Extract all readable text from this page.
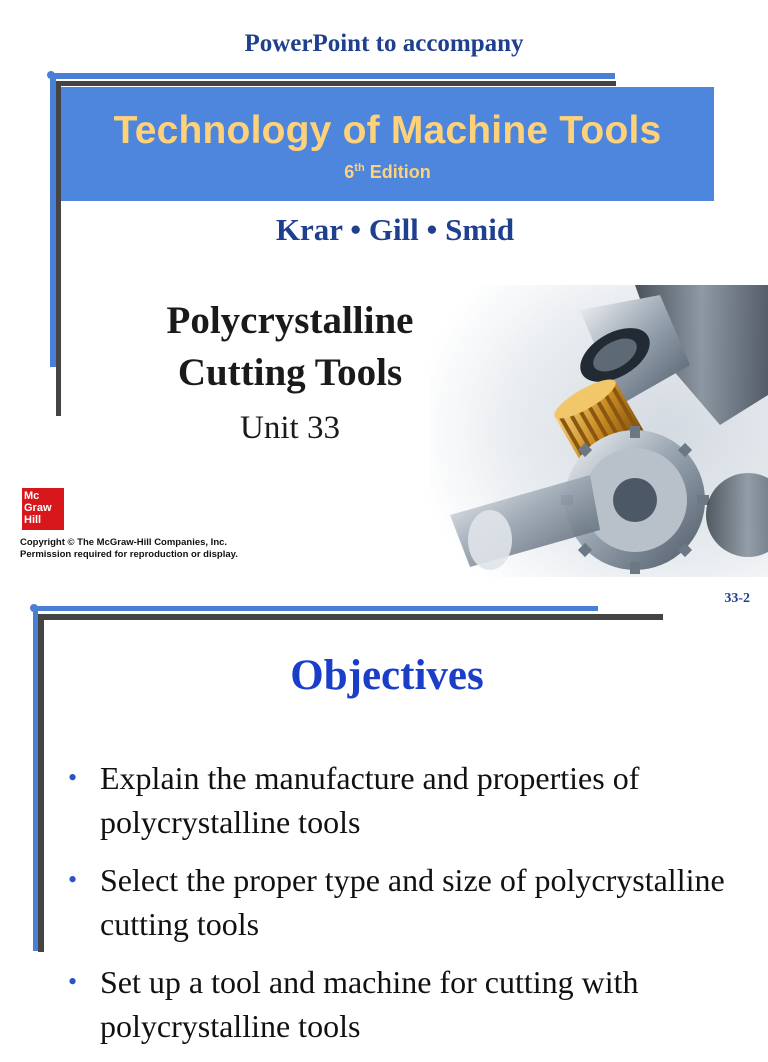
PowerPoint to accompany
Technology of Machine Tools
6th Edition
Krar • Gill • Smid
Polycrystalline
Cutting Tools
Unit 33
Mc
Graw
Hill
Copyright © The McGraw-Hill Companies, Inc.
Permission required for reproduction or display.
33-2
Objectives
• Explain the manufacture and properties of polycrystalline tools
• Select the proper type and size of polycrystalline cutting tools
• Set up a tool and machine for cutting with polycrystalline tools
